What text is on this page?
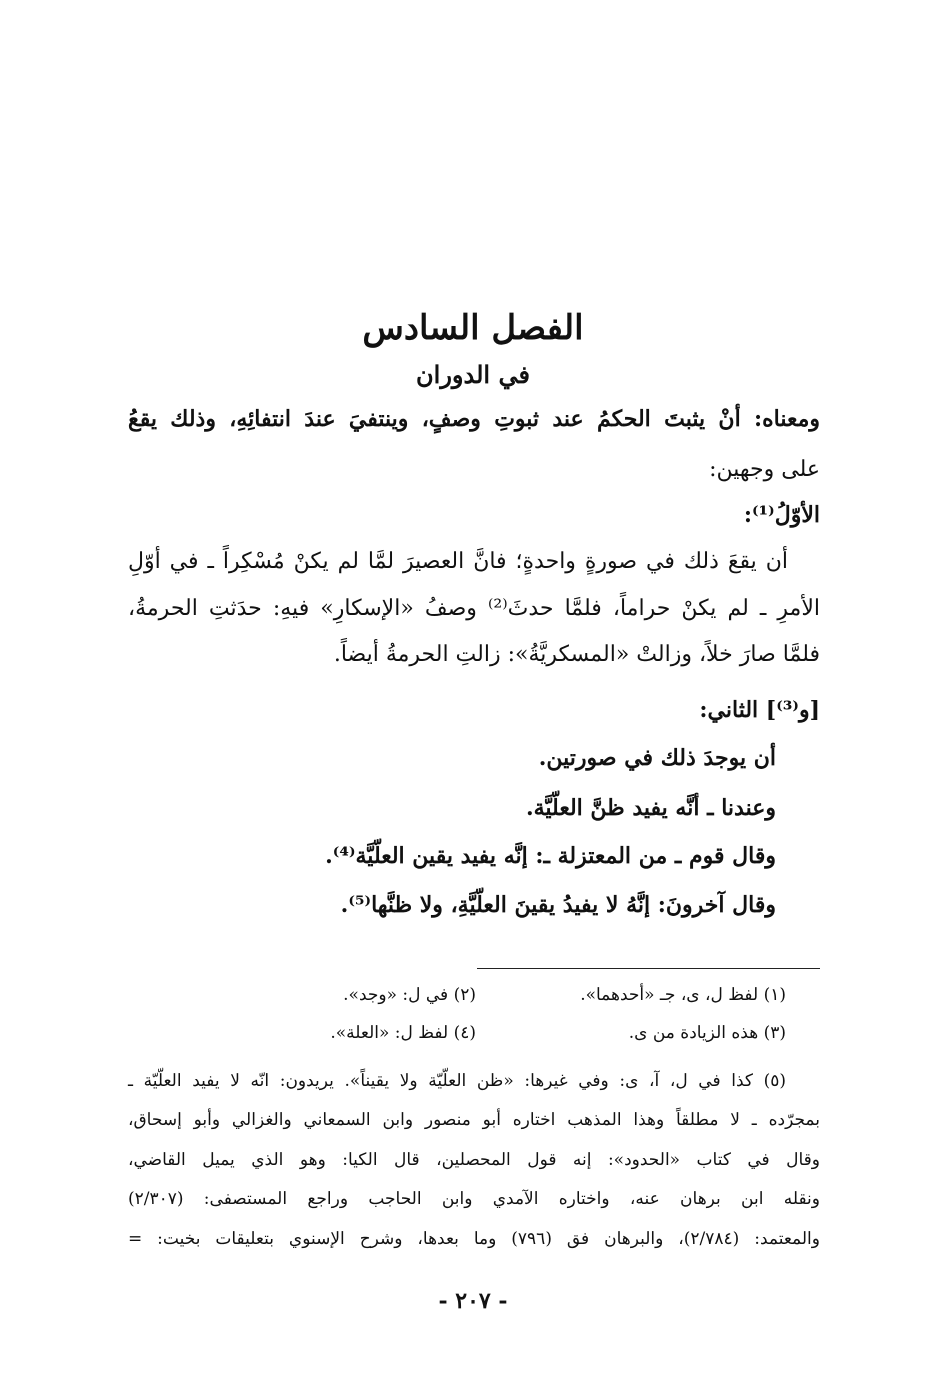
الفصل السادس
في الدوران
ومعناه: أنْ يثبتَ الحكمُ عند ثبوتِ وصفٍ، وينتفيَ عندَ انتفائِهِ، وذلك يقعُ
على وجهين:
الأوّلُ⁽¹⁾:
أن يقعَ ذلك في صورةٍ واحدةٍ؛ فانَّ العصيرَ لمَّا لم يكنْ مُسْكِراً ـ في أوّلِ
الأمرِ ـ لم يكنْ حراماً، فلمَّا حدثَ⁽²⁾ وصفُ «الإسكارِ» فيهِ: حدَثتِ الحرمةُ،
فلمَّا صارَ خلاً، وزالتْ «المسكريَّةُ»: زالتِ الحرمةُ أيضاً.
[و⁽³⁾] الثاني:
أن يوجدَ ذلك في صورتين.
وعندنا ـ أنَّه يفيد ظنَّ العلّيَّة.
وقال قوم ـ من المعتزلة ـ: إنَّه يفيد يقين العلّيَّة⁽⁴⁾.
وقال آخرونَ: إنَّهُ لا يفيدُ يقينَ العلّيَّةِ، ولا ظنَّها⁽⁵⁾.
(١) لفظ ل، ى، جـ «أحدهما».
(٢) في ل: «وجد».
(٣) هذه الزيادة من ى.
(٤) لفظ ل: «العلة».
(٥) كذا في ل، آ، ى: وفي غيرها: «ظن العلّيّة ولا يقيناً». يريدون: انّه لا يفيد العلّيّة ـ
بمجرّده ـ لا مطلقاً وهذا المذهب اختاره أبو منصور وابن السمعاني والغزالي وأبو إسحاق،
وقال في كتاب «الحدود»: إنه قول المحصلين، قال الكيا: وهو الذي يميل القاضي،
ونقله ابن برهان عنه، واختاره الآمدي وابن الحاجب وراجع المستصفى: (٢/٣٠٧)
والمعتمد: (٢/٧٨٤)، والبرهان فق (٧٩٦) وما بعدها، وشرح الإسنوي بتعليقات بخيت: =
- ٢٠٧ -
